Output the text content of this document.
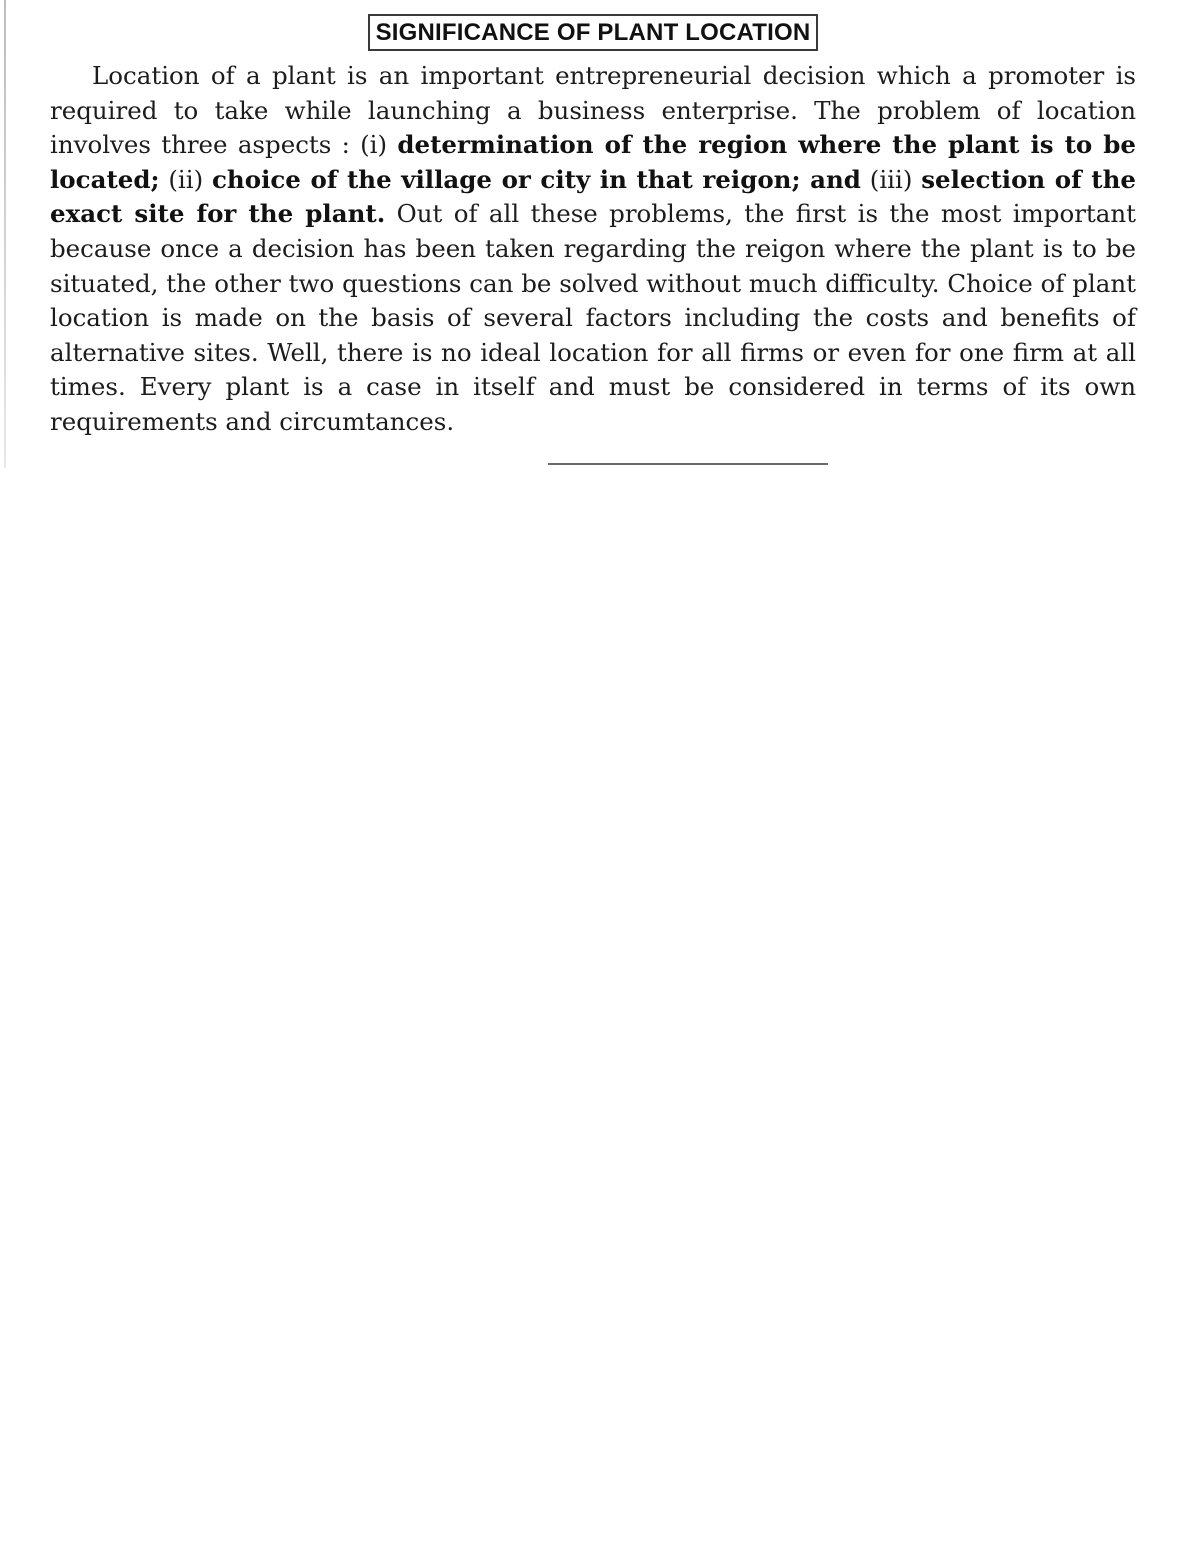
SIGNIFICANCE OF PLANT LOCATION

Location of a plant is an important entrepreneurial decision which a promoter is required to take while launching a business enterprise. The problem of location involves three aspects : (i) determination of the region where the plant is to be located; (ii) choice of the village or city in that reigon; and (iii) selection of the exact site for the plant. Out of all these problems, the first is the most important because once a decision has been taken regarding the reigon where the plant is to be situated, the other two questions can be solved without much difficulty. Choice of plant location is made on the basis of several factors including the costs and benefits of alternative sites. Well, there is no ideal location for all firms or even for one firm at all times. Every plant is a case in itself and must be considered in terms of its own requirements and circumtances.
